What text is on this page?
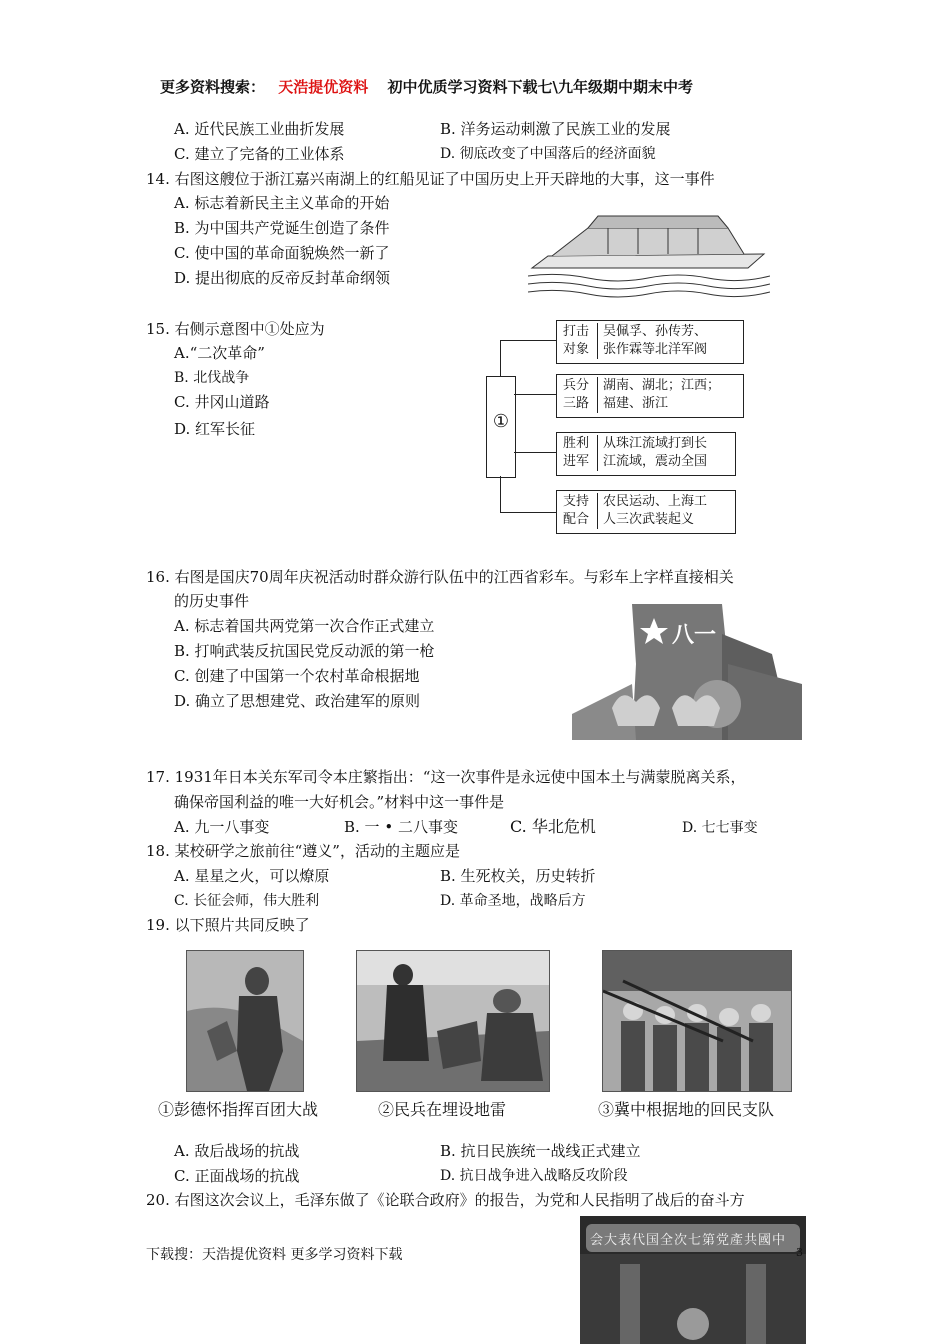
更多资料搜索： 天浩提优资料 初中优质学习资料下载七\九年级期中期末中考
A. 近代民族工业曲折发展	B. 洋务运动刺激了民族工业的发展
C. 建立了完备的工业体系	D. 彻底改变了中国落后的经济面貌
14. 右图这艘位于浙江嘉兴南湖上的红船见证了中国历史上开天辟地的大事，这一事件
A. 标志着新民主主义革命的开始
B. 为中国共产党诞生创造了条件
C. 使中国的革命面貌焕然一新了
D. 提出彻底的反帝反封革命纲领
15. 右侧示意图中①处应为
A.“二次革命”
B. 北伐战争
C. 井冈山道路
D. 红军长征	①
打击
对象
吴佩孚、孙传芳、
张作霖等北洋军阀
兵分
三路
湖南、湖北；江西；
福建、浙江
胜利
进军
从珠江流域打到长
江流域，震动全国
支持
配合
农民运动、上海工
人三次武装起义
16. 右图是国庆70周年庆祝活动时群众游行队伍中的江西省彩车。与彩车上字样直接相关
的历史事件
A. 标志着国共两党第一次合作正式建立
B. 打响武装反抗国民党反动派的第一枪
C. 创建了中国第一个农村革命根据地
D. 确立了思想建党、政治建军的原则
八一
17. 1931年日本关东军司令本庄繁指出：“这一次事件是永远使中国本土与满蒙脱离关系，
确保帝国利益的唯一大好机会。”材料中这一事件是
A. 九一八事变	B. 一 • 二八事变	C. 华北危机	D. 七七事变
18. 某校研学之旅前往“遵义”，活动的主题应是
A. 星星之火，可以燎原	B. 生死枚关，历史转折
C. 长征会师，伟大胜利	D. 革命圣地，战略后方
19. 以下照片共同反映了
①彭德怀指挥百团大战	②民兵在埋设地雷	③冀中根据地的回民支队
A. 敌后战场的抗战	B. 抗日民族统一战线正式建立
C. 正面战场的抗战	D. 抗日战争进入战略反攻阶段
20. 右图这次会议上，毛泽东做了《论联合政府》的报告，为党和人民指明了战后的奋斗方
会大表代国全次七第党產共國中
下载搜：天浩提优资料 更多学习资料下载	3
